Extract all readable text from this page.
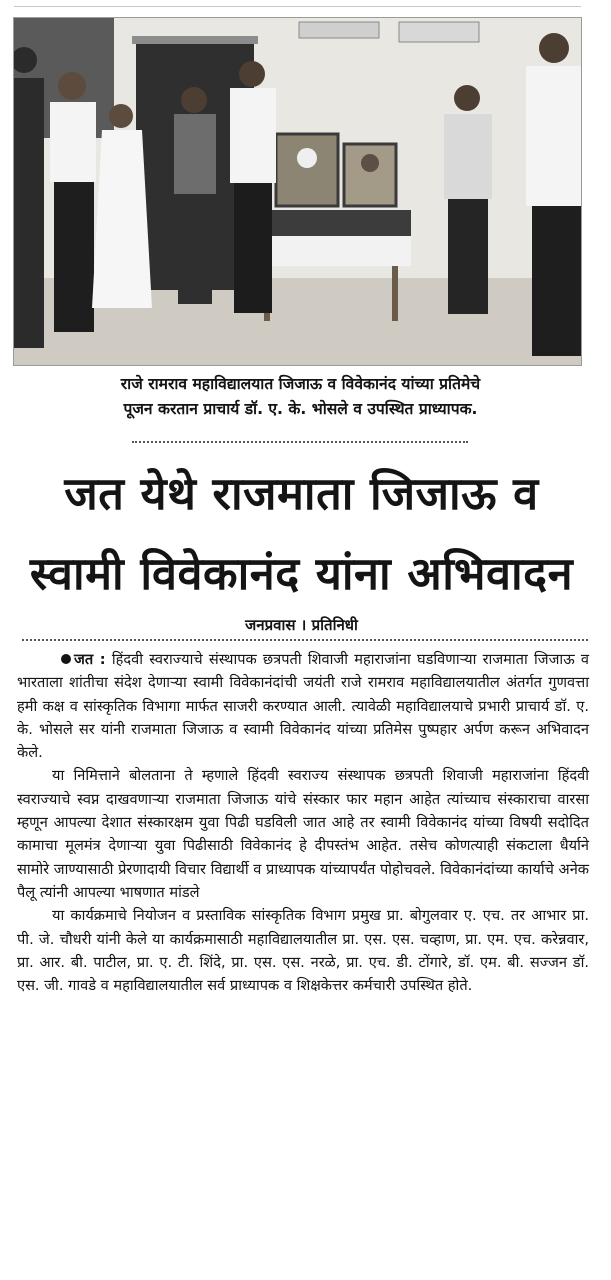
राजे रामराव महाविद्यालयात जिजाऊ व विवेकानंद यांच्या प्रतिमेचे
पूजन करतान प्राचार्य डॉ. ए. के. भोसले व उपस्थित प्राध्यापक.
जत येथे राजमाता जिजाऊ व
स्वामी विवेकानंद यांना अभिवादन
जनप्रवास । प्रतिनिधी

जत : हिंदवी स्वराज्याचे संस्थापक छत्रपती शिवाजी महाराजांना घडविणाऱ्या राजमाता जिजाऊ व भारताला शांतीचा संदेश देणाऱ्या स्वामी विवेकानंदांची जयंती राजे रामराव महाविद्यालयातील अंतर्गत गुणवत्ता हमी कक्ष व सांस्कृतिक विभागा मार्फत साजरी करण्यात आली. त्यावेळी महाविद्यालयाचे प्रभारी प्राचार्य डॉ. ए. के. भोसले सर यांनी राजमाता जिजाऊ व स्वामी विवेकानंद यांच्या प्रतिमेस पुष्पहार अर्पण करून अभिवादन केले.

या निमित्ताने बोलताना ते म्हणाले हिंदवी स्वराज्य संस्थापक छत्रपती शिवाजी महाराजांना हिंदवी स्वराज्याचे स्वप्न दाखवणाऱ्या राजमाता जिजाऊ यांचे संस्कार फार महान आहेत त्यांच्याच संस्काराचा वारसा म्हणून आपल्या देशात संस्कारक्षम युवा पिढी घडविली जात आहे तर स्वामी विवेकानंद यांच्या विषयी सदोदित कामाचा मूलमंत्र देणाऱ्या युवा पिढीसाठी विवेकानंद हे दीपस्तंभ आहेत. तसेच कोणत्याही संकटाला धैर्याने सामोरे जाण्यासाठी प्रेरणादायी विचार विद्यार्थी व प्राध्यापक यांच्यापर्यंत पोहोचवले. विवेकानंदांच्या कार्याचे अनेक पैलू त्यांनी आपल्या भाषणात मांडले

या कार्यक्रमाचे नियोजन व प्रस्ताविक सांस्कृतिक विभाग प्रमुख प्रा. बोगुलवार ए. एच. तर आभार प्रा. पी. जे. चौधरी यांनी केले या कार्यक्रमासाठी महाविद्यालयातील प्रा. एस. एस. चव्हाण, प्रा. एम. एच. करेन्नवार, प्रा. आर. बी. पाटील, प्रा. ए. टी. शिंदे, प्रा. एस. एस. नरळे, प्रा. एच. डी. टोंगारे, डॉ. एम. बी. सज्जन डॉ. एस. जी. गावडे व महाविद्यालयातील सर्व प्राध्यापक व शिक्षकेत्तर कर्मचारी उपस्थित होते.
